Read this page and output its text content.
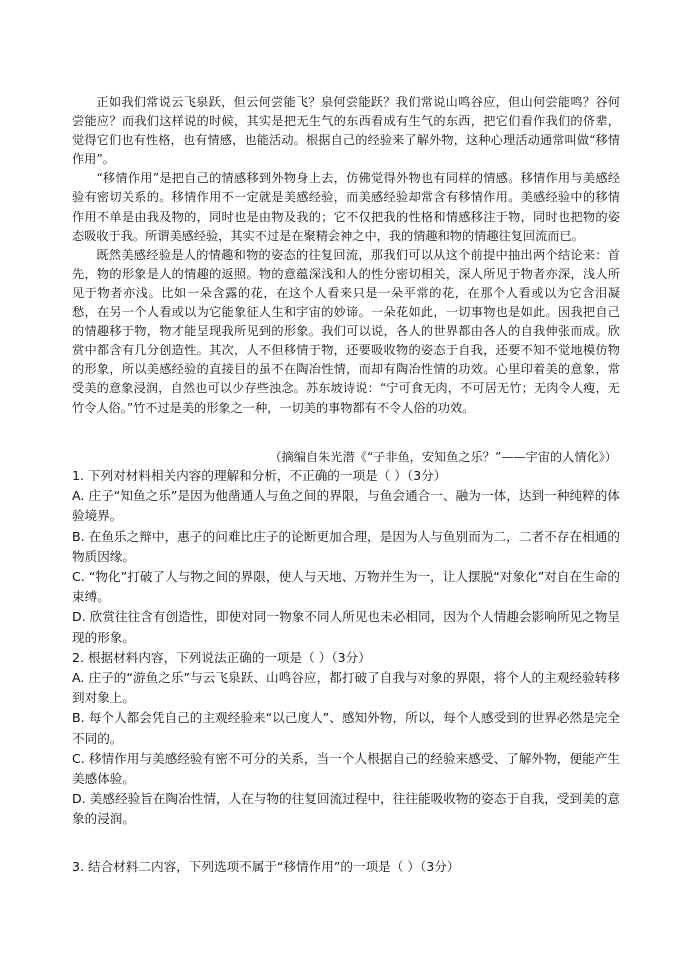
正如我们常说云飞泉跃，但云何尝能飞？泉何尝能跃？我们常说山鸣谷应，但山何尝能鸣？谷何尝能应？而我们这样说的时候，其实是把无生气的东西看成有生气的东西，把它们看作我们的侪辈，觉得它们也有性格，也有情感，也能活动。根据自己的经验来了解外物，这种心理活动通常叫做“移情作用”。

“移情作用”是把自己的情感移到外物身上去，仿佛觉得外物也有同样的情感。移情作用与美感经验有密切关系的。移情作用不一定就是美感经验，而美感经验却常含有移情作用。美感经验中的移情作用不单是由我及物的，同时也是由物及我的；它不仅把我的性格和情感移注于物，同时也把物的姿态吸收于我。所谓美感经验，其实不过是在聚精会神之中，我的情趣和物的情趣往复回流而已。

既然美感经验是人的情趣和物的姿态的往复回流，那我们可以从这个前提中抽出两个结论来：首先，物的形象是人的情趣的返照。物的意蕴深浅和人的性分密切相关，深人所见于物者亦深，浅人所见于物者亦浅。比如一朵含露的花，在这个人看来只是一朵平常的花，在那个人看或以为它含泪凝愁，在另一个人看或以为它能象征人生和宇宙的妙谛。一朵花如此，一切事物也是如此。因我把自己的情趣移于物，物才能呈现我所见到的形象。我们可以说，各人的世界都由各人的自我伸张而成。欣赏中都含有几分创造性。其次，人不但移情于物，还要吸收物的姿态于自我，还要不知不觉地模仿物的形象，所以美感经验的直接目的虽不在陶冶性情，而却有陶冶性情的功效。心里印着美的意象，常受美的意象浸润，自然也可以少存些浊念。苏东坡诗说：“宁可食无肉，不可居无竹；无肉令人瘦，无竹令人俗。”竹不过是美的形象之一种，一切美的事物都有不令人俗的功效。

（摘编自朱光潜《“子非鱼，安知鱼之乐？”——宇宙的人情化》）

1. 下列对材料相关内容的理解和分析，不正确的一项是（ ）（3分）

A. 庄子“知鱼之乐”是因为他凿通人与鱼之间的界限，与鱼会通合一、融为一体，达到一种纯粹的体验境界。

B. 在鱼乐之辩中，惠子的问难比庄子的论断更加合理，是因为人与鱼别而为二，二者不存在相通的物质因缘。

C. “物化”打破了人与物之间的界限，使人与天地、万物并生为一，让人摆脱“对象化”对自在生命的束缚。

D. 欣赏往往含有创造性，即使对同一物象不同人所见也未必相同，因为个人情趣会影响所见之物呈现的形象。

2. 根据材料内容，下列说法正确的一项是（ ）（3分）

A. 庄子的“游鱼之乐”与云飞泉跃、山鸣谷应，都打破了自我与对象的界限，将个人的主观经验转移到对象上。

B. 每个人都会凭自己的主观经验来“以己度人”、感知外物，所以，每个人感受到的世界必然是完全不同的。

C. 移情作用与美感经验有密不可分的关系，当一个人根据自己的经验来感受、了解外物，便能产生美感体验。

D. 美感经验旨在陶冶性情，人在与物的往复回流过程中，往往能吸收物的姿态于自我，受到美的意象的浸润。

3. 结合材料二内容，下列选项不属于“移情作用”的一项是（ ）（3分）
